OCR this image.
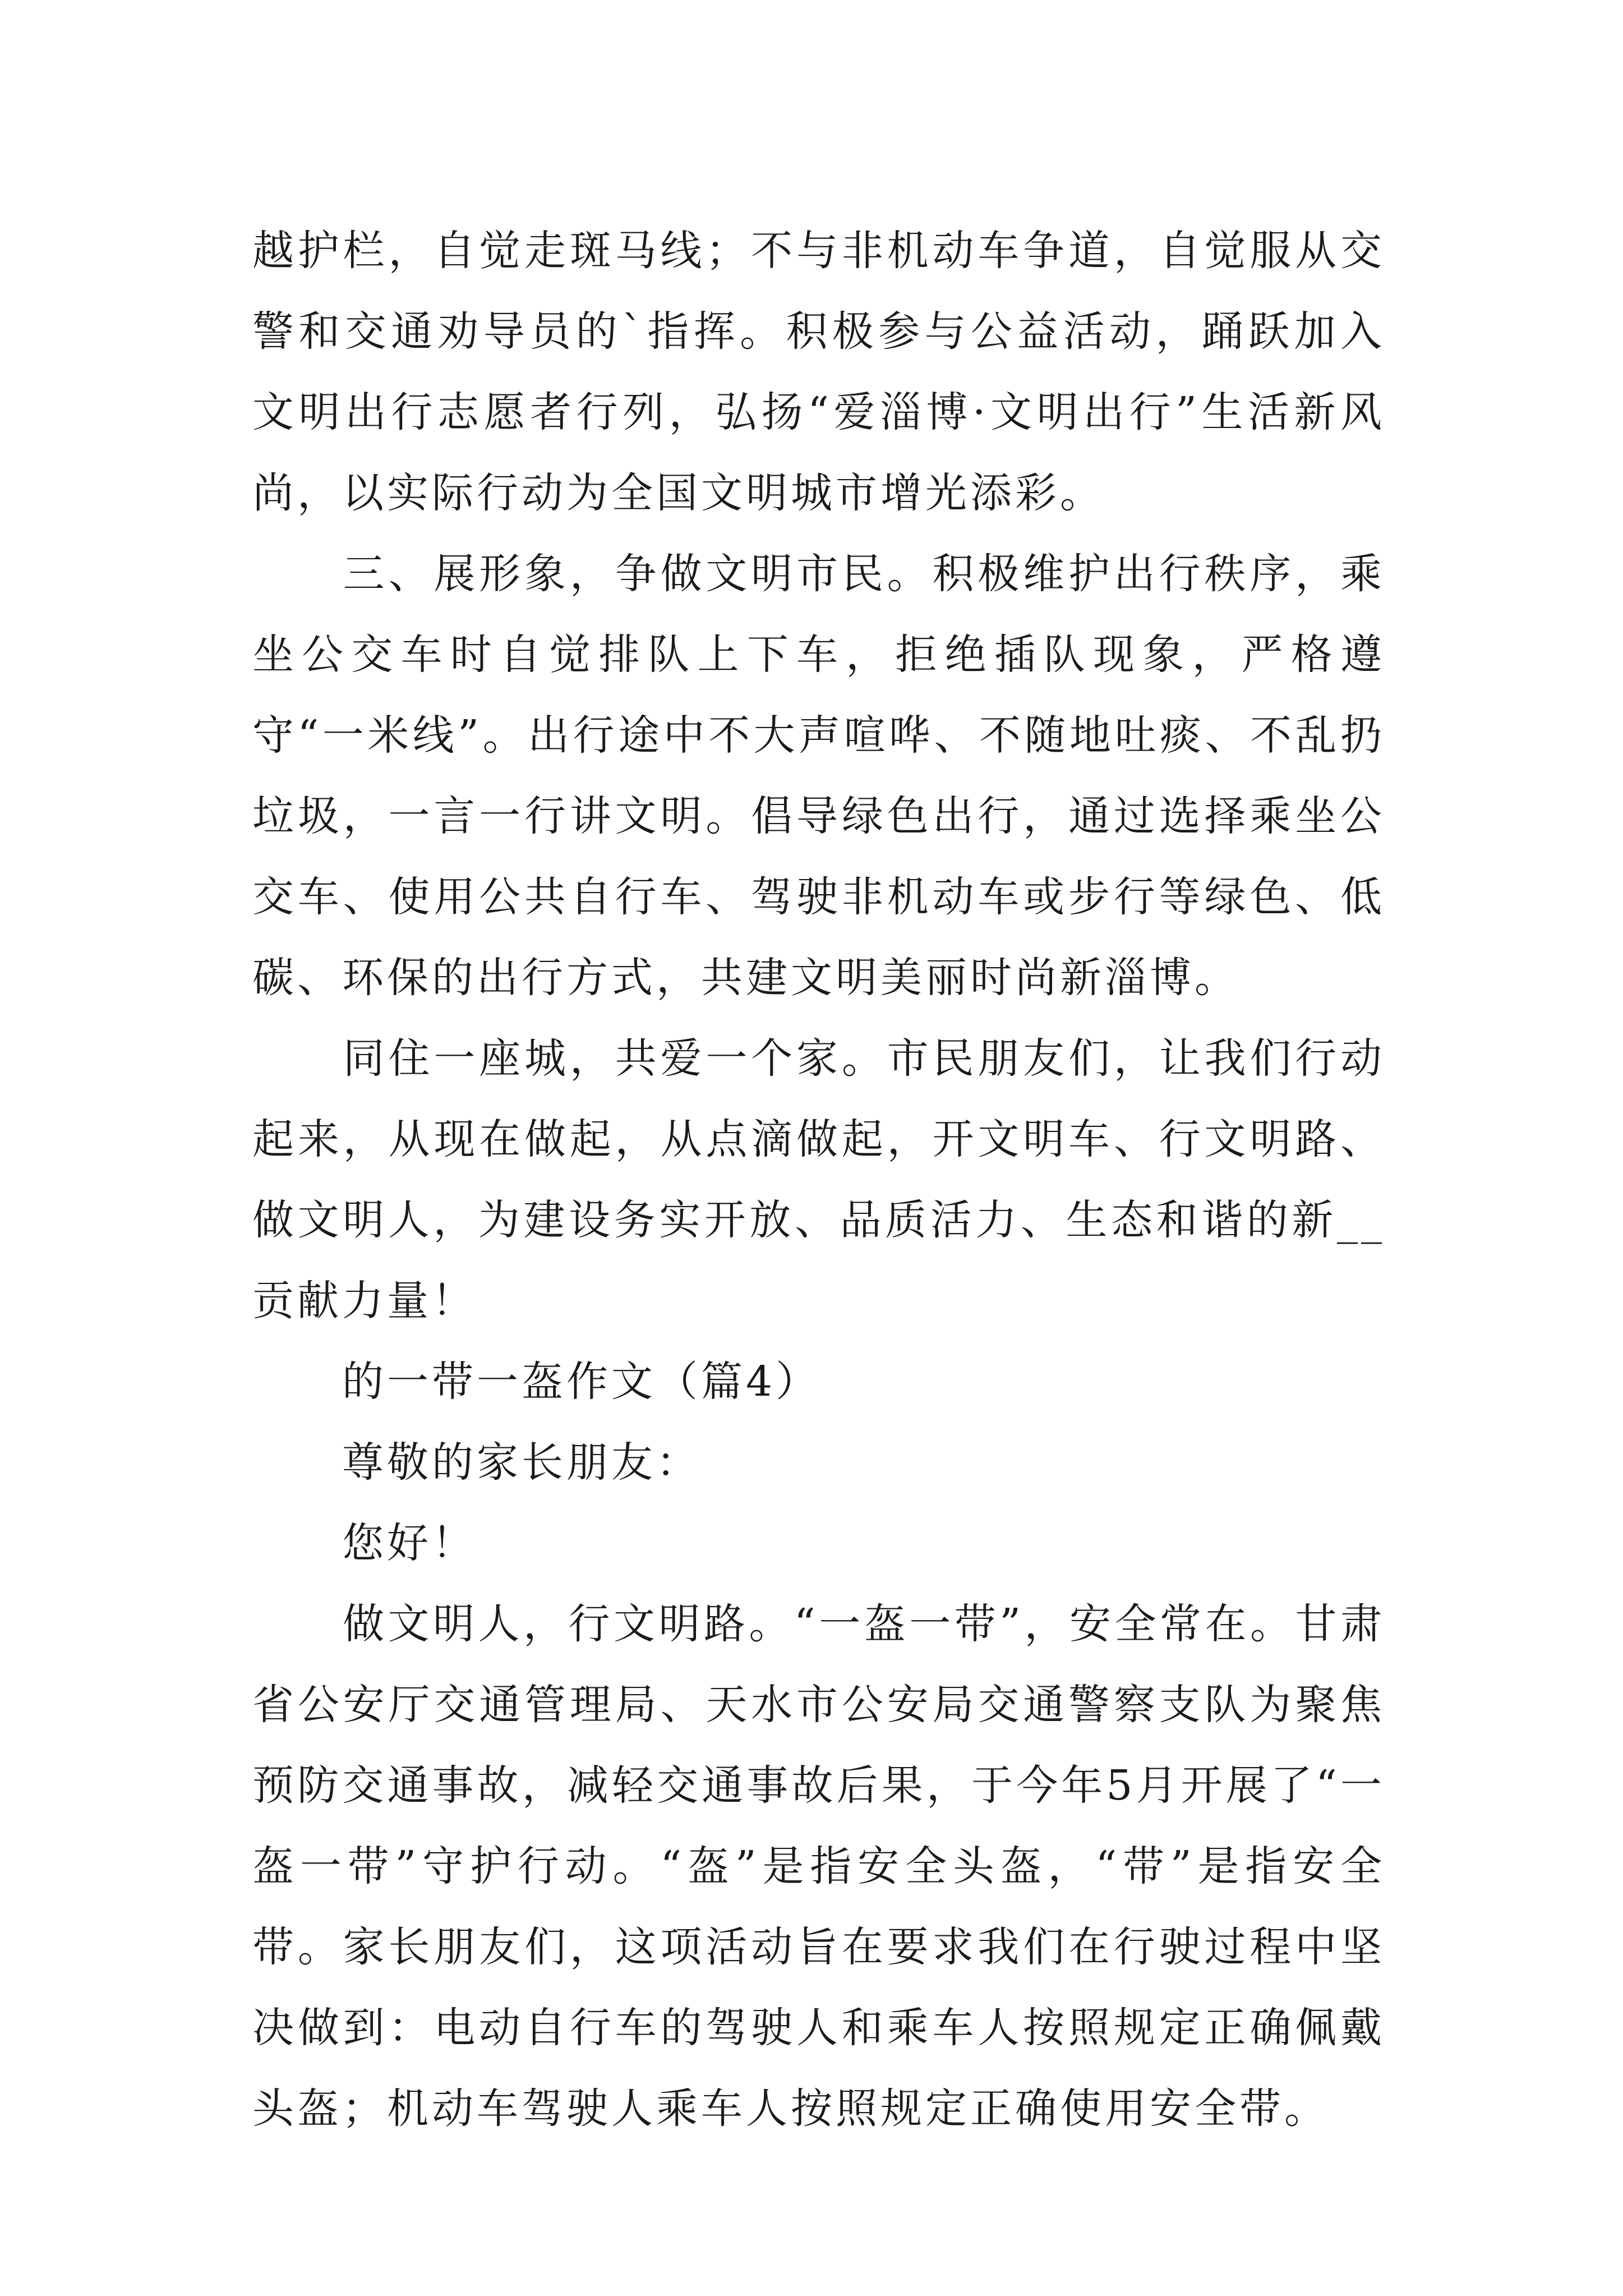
越护栏，自觉走斑马线；不与非机动车争道，自觉服从交警和交通劝导员的`指挥。积极参与公益活动，踊跃加入文明出行志愿者行列，弘扬“爱淄博·文明出行”生活新风尚，以实际行动为全国文明城市增光添彩。

　　三、展形象，争做文明市民。积极维护出行秩序，乘坐公交车时自觉排队上下车，拒绝插队现象，严格遵守“一米线”。出行途中不大声喧哗、不随地吐痰、不乱扔垃圾，一言一行讲文明。倡导绿色出行，通过选择乘坐公交车、使用公共自行车、驾驶非机动车或步行等绿色、低碳、环保的出行方式，共建文明美丽时尚新淄博。

　　同住一座城，共爱一个家。市民朋友们，让我们行动起来，从现在做起，从点滴做起，开文明车、行文明路、做文明人，为建设务实开放、品质活力、生态和谐的新__贡献力量！

　　的一带一盔作文（篇4）

　　尊敬的家长朋友：

　　您好！

　　做文明人，行文明路。“一盔一带”，安全常在。甘肃省公安厅交通管理局、天水市公安局交通警察支队为聚焦预防交通事故，减轻交通事故后果，于今年5月开展了“一盔一带”守护行动。“盔”是指安全头盔，“带”是指安全带。家长朋友们，这项活动旨在要求我们在行驶过程中坚决做到：电动自行车的驾驶人和乘车人按照规定正确佩戴头盔；机动车驾驶人乘车人按照规定正确使用安全带。
